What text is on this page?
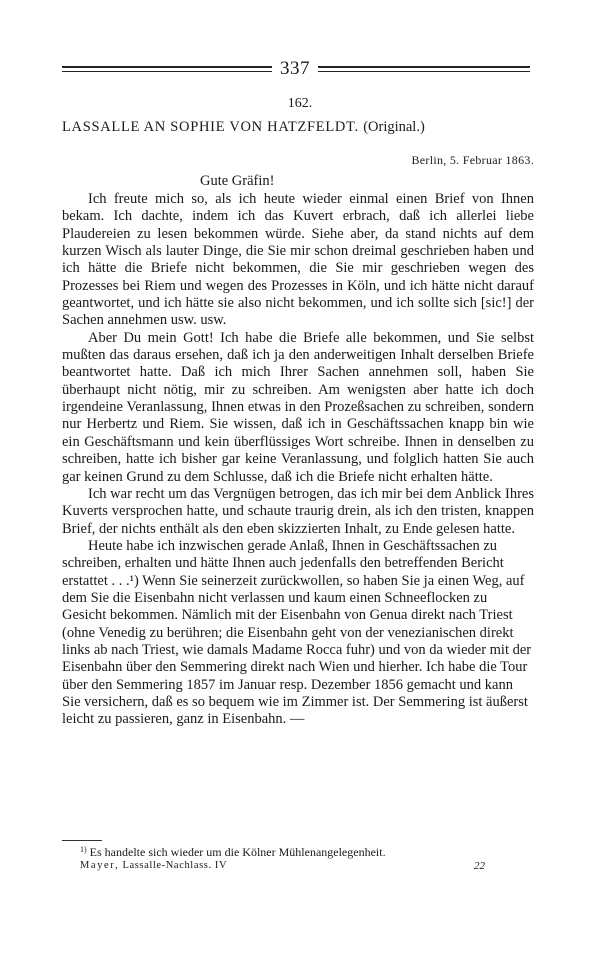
337
162.
LASSALLE AN SOPHIE VON HATZFELDT. (Original.)
Berlin, 5. Februar 1863.
Gute Gräfin!

Ich freute mich so, als ich heute wieder einmal einen Brief von Ihnen bekam. Ich dachte, indem ich das Kuvert erbrach, daß ich allerlei liebe Plaudereien zu lesen bekommen würde. Siehe aber, da stand nichts auf dem kurzen Wisch als lauter Dinge, die Sie mir schon dreimal geschrieben haben und ich hätte die Briefe nicht bekommen, die Sie mir geschrieben wegen des Prozesses bei Riem und wegen des Prozesses in Köln, und ich hätte nicht darauf geantwortet, und ich hätte sie also nicht bekommen, und ich sollte sich [sic!] der Sachen annehmen usw. usw.

Aber Du mein Gott! Ich habe die Briefe alle bekommen, und Sie selbst mußten das daraus ersehen, daß ich ja den anderweitigen Inhalt derselben Briefe beantwortet hatte. Daß ich mich Ihrer Sachen annehmen soll, haben Sie überhaupt nicht nötig, mir zu schreiben. Am wenigsten aber hatte ich doch irgendeine Veranlassung, Ihnen etwas in den Prozeßsachen zu schreiben, sondern nur Herbertz und Riem. Sie wissen, daß ich in Geschäftssachen knapp bin wie ein Geschäftsmann und kein überflüssiges Wort schreibe. Ihnen in denselben zu schreiben, hatte ich bisher gar keine Veranlassung, und folglich hatten Sie auch gar keinen Grund zu dem Schlusse, daß ich die Briefe nicht erhalten hätte.

Ich war recht um das Vergnügen betrogen, das ich mir bei dem Anblick Ihres Kuverts versprochen hatte, und schaute traurig drein, als ich den tristen, knappen Brief, der nichts enthält als den eben skizzierten Inhalt, zu Ende gelesen hatte.

Heute habe ich inzwischen gerade Anlaß, Ihnen in Geschäftssachen zu schreiben, erhalten und hätte Ihnen auch jedenfalls den betreffenden Bericht erstattet . . .¹) Wenn Sie seinerzeit zurückwollen, so haben Sie ja einen Weg, auf dem Sie die Eisenbahn nicht verlassen und kaum einen Schneeflocken zu Gesicht bekommen. Nämlich mit der Eisenbahn von Genua direkt nach Triest (ohne Venedig zu berühren; die Eisenbahn geht von der venezianischen direkt links ab nach Triest, wie damals Madame Rocca fuhr) und von da wieder mit der Eisenbahn über den Semmering direkt nach Wien und hierher. Ich habe die Tour über den Semmering 1857 im Januar resp. Dezember 1856 gemacht und kann Sie versichern, daß es so bequem wie im Zimmer ist. Der Semmering ist äußerst leicht zu passieren, ganz in Eisenbahn. —

$^{1)}$ Es handelte sich wieder um die Kölner Mühlenangelegenheit.
Mayer, Lassalle-Nachlass. IV	22
